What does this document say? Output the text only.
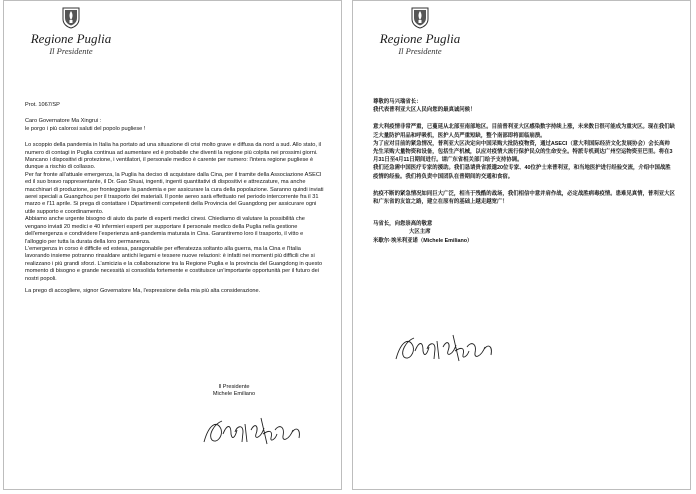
Regione Puglia
Il Presidente

Prot. 1067/SP

Caro Governatore Ma Xingrui :

le porgo i più calorosi saluti del popolo pugliese !

Lo scoppio della pandemia in Italia ha portato ad una situazione di crisi molto grave e diffusa da nord a sud. Allo stato, il numero di contagi in Puglia continua ad aumentare ed è probabile che diventi la regione più colpita nei prossimi giorni. Mancano i dispositivi di protezione, i ventilatori, il personale medico è carente per numero: l'intera regione pugliese è dunque a rischio di collasso.

Per far fronte all'attuale emergenza, la Puglia ha deciso di acquistare dalla Cina, per il tramite della Associazione ASECI ed il suo bravo rappresentante, il Dr. Gao Shuai, ingenti, ingenti quantitativi di dispositivi e attrezzature, ma anche macchinari di produzione, per fronteggiare la pandemia e per assicurare la cura della popolazione. Saranno quindi inviati aerei speciali a Guangzhou per il trasporto dei materiali. Il ponte aereo sarà effettuato nel periodo intercorrente fra il 31 marzo e l'11 aprile. Si prega di contattare i Dipartimenti competenti della Provincia del Guangdong per assicurare ogni utile supporto e coordinamento.

Abbiamo anche urgente bisogno di aiuto da parte di esperti medici cinesi. Chiediamo di valutare la possibilità che vengano inviati 20 medici e 40 infermieri esperti per supportare il personale medico della Puglia nella gestione dell'emergenza e condividere l'esperienza anti-pandemia maturata in Cina. Garantiremo loro il trasporto, il vitto e l'alloggio per tutta la durata della loro permanenza.

L'emergenza in corso è difficile ed estesa, paragonabile per efferatezza soltanto alla guerra, ma la Cina e l'Italia lavorando insieme potranno rinsaldare antichi legami e tessere nuove relazioni: è infatti nei momenti più difficili che si realizzano i più grandi sforzi. L'amicizia e la collaborazione tra la Regione Puglia e la provincia del Guangdong in questo momento di bisogno e grande necessità si consolida fortemente e costituisce un'importante opportunità per il futuro dei nostri popoli.

La prego di accogliere, signor Governatore Ma, l'espressione della mia più alta considerazione.

Il Presidente

Michele Emiliano

Regione Puglia
Il Presidente

尊敬的马兴瑞省长：

我代表普利亚大区人民向您的最真诚问候！

意大利疫情非常严重，已蔓延从北部至南部地区。目前普利亚大区感染数字持续上涨，未来数日很可能成为重灾区。现在我们缺乏大量防护用品和呼吸机，医护人员严重短缺，整个南部即将面临崩溃。

为了应对目前的紧急情况，普利亚大区决定向中国采购大批防疫物资，通过ASECI（意大利国际经济文化发展协会）会长高帅先生采购大量物资和设备，包括生产机械，以应对疫情大流行保护民众的生命安全。特派专机到达广州空运物资至巴里。将在3月31日至4月11日期间进行。请广东省相关部门给予支持协调。

我们还急需中国医疗专家的援助。我们恳请贵省派遣20位专家、40位护士来普利亚，和当地医护进行经验交流，介绍中国战胜疫情的经验。我们将负责中国团队在普期间的交通和食宿。

抗疫不断的紧急情况如同巨大广泛，相当于残酷的战场，我们相信中意并肩作战，必定战胜病毒疫情。患难见真情，普利亚大区和广东省的友谊之路，建立在原有的基础上越走越宽广！

马省长，向您崇高的敬意

大区主席

米歇尔·埃米利亚诺（Michele Emiliano）
